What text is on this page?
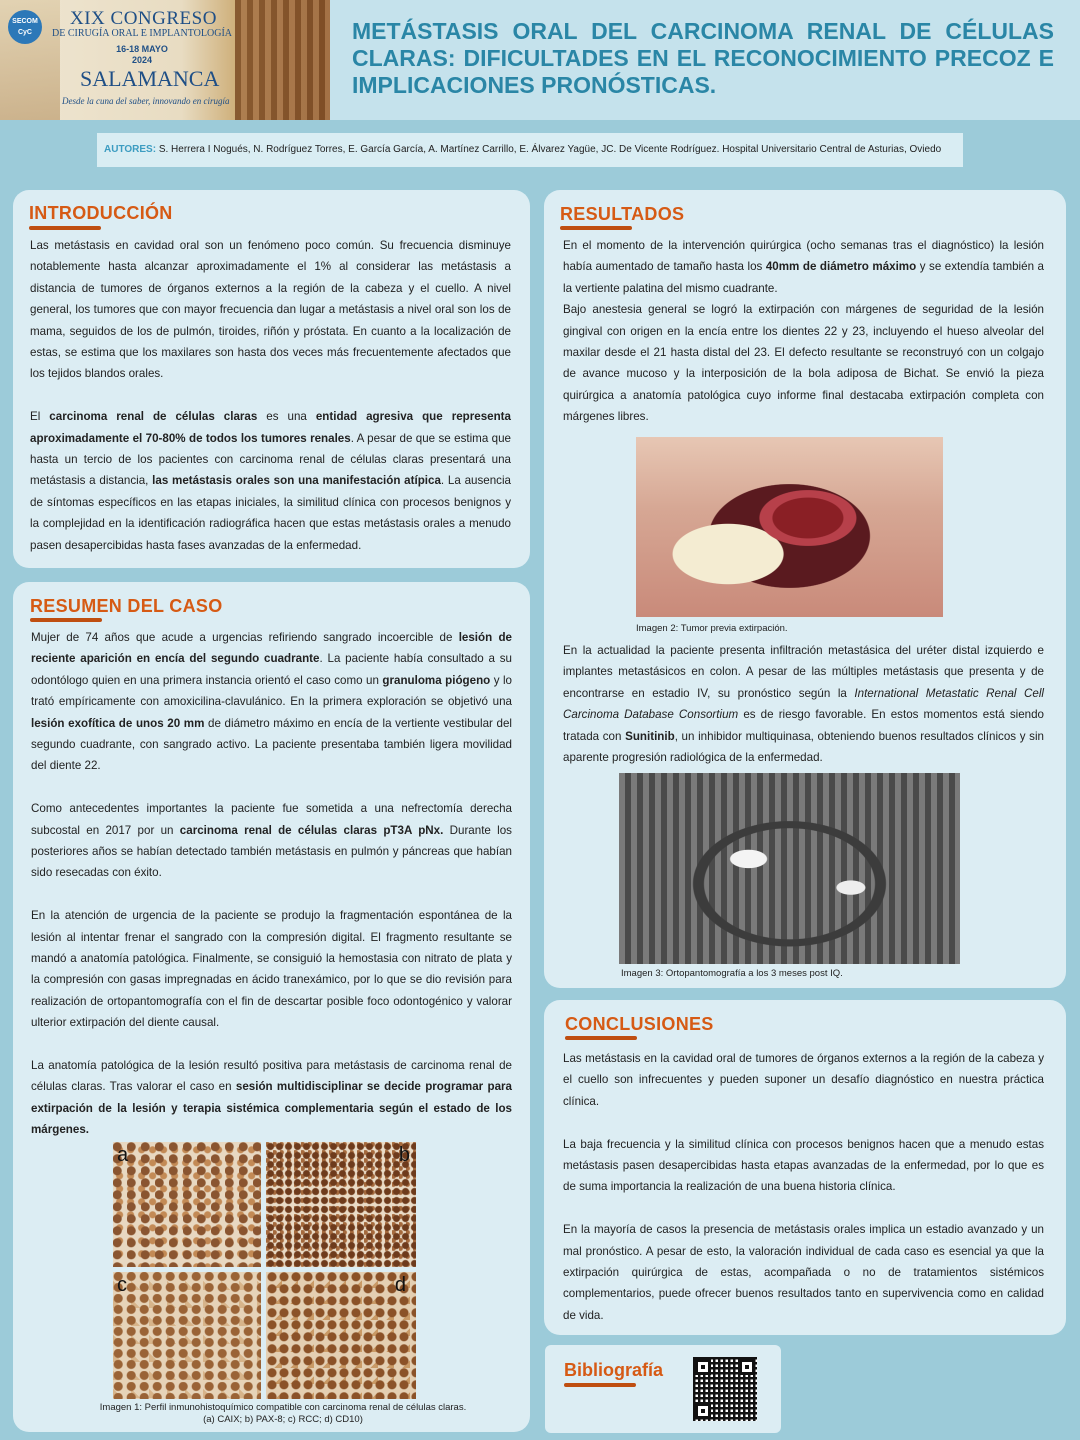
SECOM CyC
XIX CONGRESO
DE CIRUGÍA ORAL E IMPLANTOLOGÍA
16-18 MAYO 2024
SALAMANCA
Desde la cuna del saber, innovando en cirugía
METÁSTASIS ORAL DEL CARCINOMA RENAL DE CÉLULAS CLARAS: DIFICULTADES EN EL RECONOCIMIENTO PRECOZ E IMPLICACIONES PRONÓSTICAS.
AUTORES: S. Herrera I Nogués, N. Rodríguez Torres, E. García García, A. Martínez Carrillo, E. Álvarez Yagüe, JC. De Vicente Rodríguez. Hospital Universitario Central de Asturias, Oviedo
INTRODUCCIÓN

Las metástasis en cavidad oral son un fenómeno poco común. Su frecuencia disminuye notablemente hasta alcanzar aproximadamente el 1% al considerar las metástasis a distancia de tumores de órganos externos a la región de la cabeza y el cuello. A nivel general, los tumores que con mayor frecuencia dan lugar a metástasis a nivel oral son los de mama, seguidos de los de pulmón, tiroides, riñón y próstata. En cuanto a la localización de estas, se estima que los maxilares son hasta dos veces más frecuentemente afectados que los tejidos blandos orales.

El carcinoma renal de células claras es una entidad agresiva que representa aproximadamente el 70-80% de todos los tumores renales. A pesar de que se estima que hasta un tercio de los pacientes con carcinoma renal de células claras presentará una metástasis a distancia, las metástasis orales son una manifestación atípica. La ausencia de síntomas específicos en las etapas iniciales, la similitud clínica con procesos benignos y la complejidad en la identificación radiográfica hacen que estas metástasis orales a menudo pasen desapercibidas hasta fases avanzadas de la enfermedad.

RESUMEN DEL CASO

Mujer de 74 años que acude a urgencias refiriendo sangrado incoercible de lesión de reciente aparición en encía del segundo cuadrante. La paciente había consultado a su odontólogo quien en una primera instancia orientó el caso como un granuloma piógeno y lo trató empíricamente con amoxicilina-clavulánico. En la primera exploración se objetivó una lesión exofítica de unos 20 mm de diámetro máximo en encía de la vertiente vestibular del segundo cuadrante, con sangrado activo. La paciente presentaba también ligera movilidad del diente 22.

Como antecedentes importantes la paciente fue sometida a una nefrectomía derecha subcostal en 2017 por un carcinoma renal de células claras pT3A pNx. Durante los posteriores años se habían detectado también metástasis en pulmón y páncreas que habían sido resecadas con éxito.

En la atención de urgencia de la paciente se produjo la fragmentación espontánea de la lesión al intentar frenar el sangrado con la compresión digital. El fragmento resultante se mandó a anatomía patológica. Finalmente, se consiguió la hemostasia con nitrato de plata y la compresión con gasas impregnadas en ácido tranexámico, por lo que se dio revisión para realización de ortopantomografía con el fin de descartar posible foco odontogénico y valorar ulterior extirpación del diente causal.

La anatomía patológica de la lesión resultó positiva para metástasis de carcinoma renal de células claras. Tras valorar el caso en sesión multidisciplinar se decide programar para extirpación de la lesión y terapia sistémica complementaria según el estado de los márgenes.

a	b
c	d
Imagen 1: Perfil inmunohistoquímico compatible con carcinoma renal de células claras.
(a) CAIX; b) PAX-8; c) RCC; d) CD10)
RESULTADOS

En el momento de la intervención quirúrgica (ocho semanas tras el diagnóstico) la lesión había aumentado de tamaño hasta los 40mm de diámetro máximo y se extendía también a la vertiente palatina del mismo cuadrante.

Bajo anestesia general se logró la extirpación con márgenes de seguridad de la lesión gingival con origen en la encía entre los dientes 22 y 23, incluyendo el hueso alveolar del maxilar desde el 21 hasta distal del 23. El defecto resultante se reconstruyó con un colgajo de avance mucoso y la interposición de la bola adiposa de Bichat. Se envió la pieza quirúrgica a anatomía patológica cuyo informe final destacaba extirpación completa con márgenes libres.

Imagen 2: Tumor previa extirpación.

En la actualidad la paciente presenta infiltración metastásica del uréter distal izquierdo e implantes metastásicos en colon. A pesar de las múltiples metástasis que presenta y de encontrarse en estadio IV, su pronóstico según la International Metastatic Renal Cell Carcinoma Database Consortium es de riesgo favorable. En estos momentos está siendo tratada con Sunitinib, un inhibidor multiquinasa, obteniendo buenos resultados clínicos y sin aparente progresión radiológica de la enfermedad.

Imagen 3: Ortopantomografía a los 3 meses post IQ.
CONCLUSIONES

Las metástasis en la cavidad oral de tumores de órganos externos a la región de la cabeza y el cuello son infrecuentes y pueden suponer un desafío diagnóstico en nuestra práctica clínica.

La baja frecuencia y la similitud clínica con procesos benignos hacen que a menudo estas metástasis pasen desapercibidas hasta etapas avanzadas de la enfermedad, por lo que es de suma importancia la realización de una buena historia clínica.

En la mayoría de casos la presencia de metástasis orales implica un estadio avanzado y un mal pronóstico. A pesar de esto, la valoración individual de cada caso es esencial ya que la extirpación quirúrgica de estas, acompañada o no de tratamientos sistémicos complementarios, puede ofrecer buenos resultados tanto en supervivencia como en calidad de vida.

Bibliografía
